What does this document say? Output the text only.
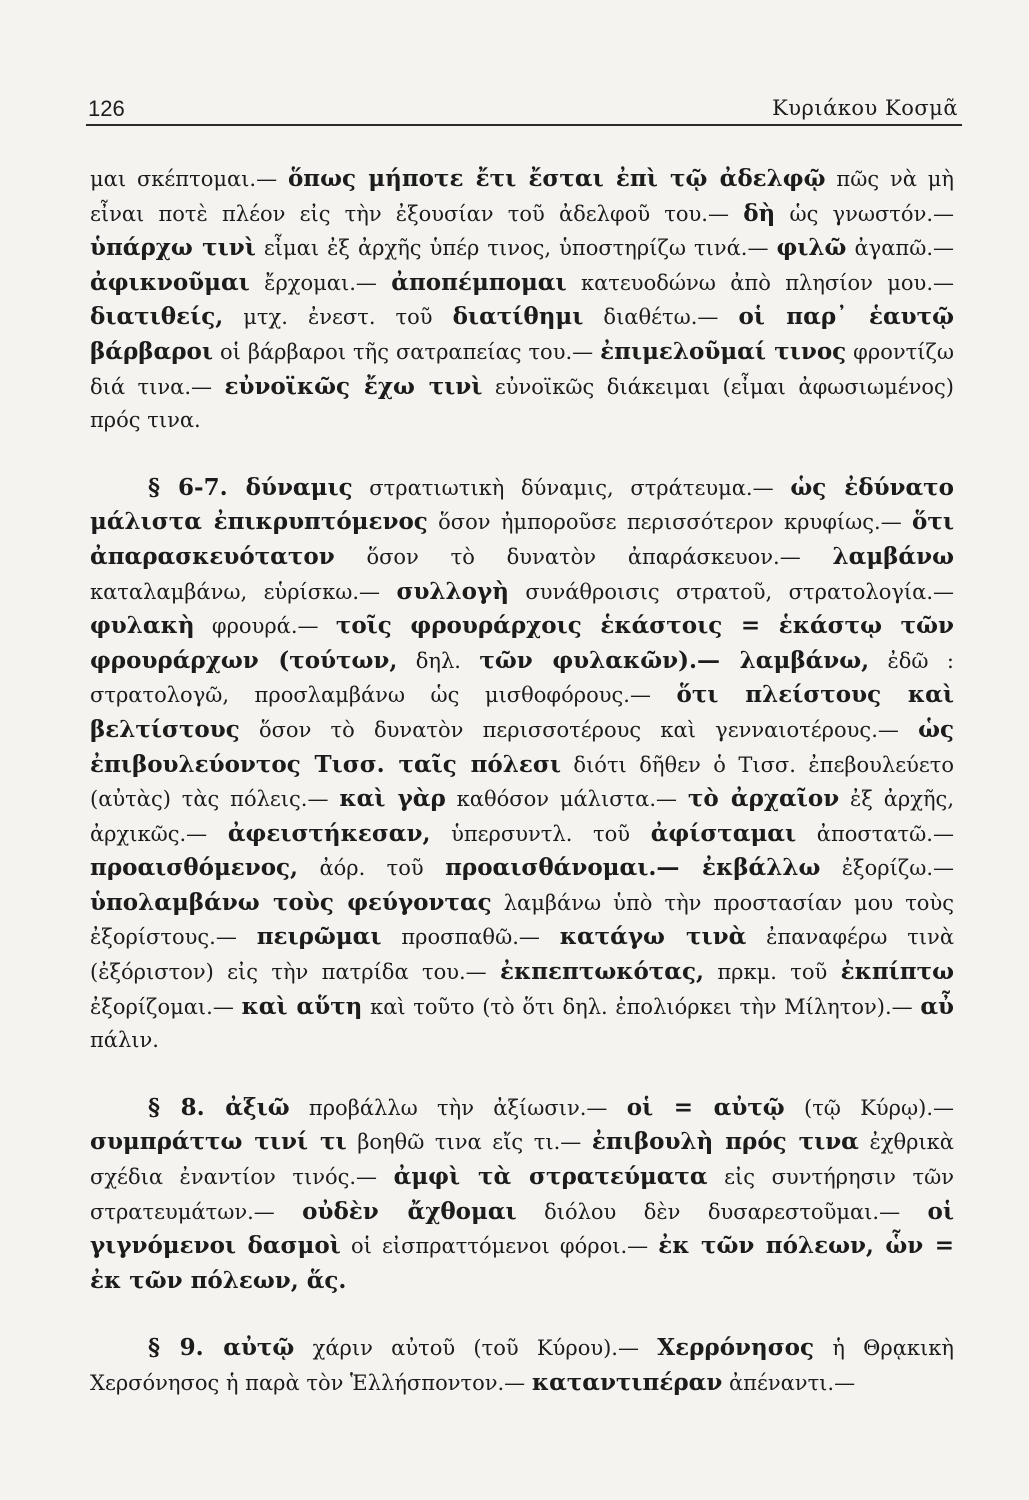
126	Κυριάκου Κοσμᾶ

μαι σκέπτομαι.— ὅπως μήποτε ἔτι ἔσται ἐπὶ τῷ ἀδελφῷ πῶς νὰ μὴ εἶναι ποτὲ πλέον εἰς τὴν ἐξουσίαν τοῦ ἀδελφοῦ του.— δὴ ὡς γνωστόν.— ὑπάρχω τινὶ εἶμαι ἐξ ἀρχῆς ὑπέρ τινος, ὑποστηρίζω τινά.— φιλῶ ἀγαπῶ.— ἀφικνοῦμαι ἔρχομαι.— ἀποπέμπομαι κατευοδώνω ἀπὸ πλησίον μου.— διατιθείς, μτχ. ἐνεστ. τοῦ διατίθημι διαθέτω.— οἱ παρ᾽ ἑαυτῷ βάρβαροι οἱ βάρβαροι τῆς σατραπείας του.— ἐπιμελοῦμαί τινος φροντίζω διά τινα.— εὐνοϊκῶς ἔχω τινὶ εὐνοϊκῶς διάκειμαι (εἶμαι ἀφωσιωμένος) πρός τινα.

§ 6-7. δύναμις στρατιωτικὴ δύναμις, στράτευμα.— ὡς ἐδύνατο μάλιστα ἐπικρυπτόμενος ὅσον ἠμποροῦσε περισσότερον κρυφίως.— ὅτι ἀπαρασκευότατον ὅσον τὸ δυνατὸν ἀπαράσκευον.— λαμβάνω καταλαμβάνω, εὑρίσκω.— συλλογὴ συνάθροισις στρατοῦ, στρατολογία.— φυλακὴ φρουρά.— τοῖς φρουράρχοις ἑκάστοις = ἑκάστῳ τῶν φρουράρχων (τούτων, δηλ. τῶν φυλακῶν).— λαμβάνω, ἐδῶ : στρατολογῶ, προσλαμβάνω ὡς μισθοφόρους.— ὅτι πλείστους καὶ βελτίστους ὅσον τὸ δυνατὸν περισσοτέρους καὶ γενναιοτέρους.— ὡς ἐπιβουλεύοντος Τισσ. ταῖς πόλεσι διότι δῆθεν ὁ Τισσ. ἐπεβουλεύετο (αὐτὰς) τὰς πόλεις.— καὶ γὰρ καθόσον μάλιστα.— τὸ ἀρχαῖον ἐξ ἀρχῆς, ἀρχικῶς.— ἀφειστήκεσαν, ὑπερσυντλ. τοῦ ἀφίσταμαι ἀποστατῶ.— προαισθόμενος, ἀόρ. τοῦ προαισθάνομαι.— ἐκβάλλω ἐξορίζω.— ὑπολαμβάνω τοὺς φεύγοντας λαμβάνω ὑπὸ τὴν προστασίαν μου τοὺς ἐξορίστους.— πειρῶμαι προσπαθῶ.— κατάγω τινὰ ἐπαναφέρω τινὰ (ἐξόριστον) εἰς τὴν πατρίδα του.— ἐκπεπτωκότας, πρκμ. τοῦ ἐκπίπτω ἐξορίζομαι.— καὶ αὕτη καὶ τοῦτο (τὸ ὅτι δηλ. ἐπολιόρκει τὴν Μίλητον).— αὖ πάλιν.

§ 8. ἀξιῶ προβάλλω τὴν ἀξίωσιν.— οἱ = αὐτῷ (τῷ Κύρῳ).— συμπράττω τινί τι βοηθῶ τινα εἴς τι.— ἐπιβουλὴ πρός τινα ἐχθρικὰ σχέδια ἐναντίον τινός.— ἀμφὶ τὰ στρατεύματα εἰς συντήρησιν τῶν στρατευμάτων.— οὐδὲν ἄχθομαι διόλου δὲν δυσαρεστοῦμαι.— οἱ γιγνόμενοι δασμοὶ οἱ εἰσπραττόμενοι φόροι.— ἐκ τῶν πόλεων, ὧν = ἐκ τῶν πόλεων, ἅς.

§ 9. αὐτῷ χάριν αὐτοῦ (τοῦ Κύρου).— Χερρόνησος ἡ Θρᾳκικὴ Χερσόνησος ἡ παρὰ τὸν Ἑλλήσποντον.— καταντιπέραν ἀπέναντι.—
